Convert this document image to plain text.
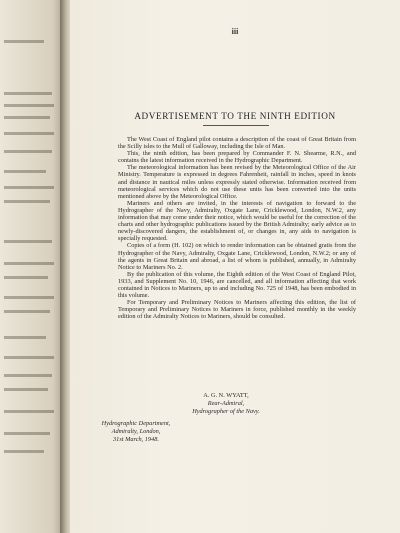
iii
ADVERTISEMENT TO THE NINTH EDITION

The West Coast of England pilot contains a description of the coast of Great Britain from the Scilly isles to the Mull of Galloway, including the Isle of Man.

This, the ninth edition, has been prepared by Commander F. N. Shearme, R.N., and contains the latest information received in the Hydrographic Department.

The meteorological information has been revised by the Meteorological Office of the Air Ministry. Temperature is expressed in degrees Fahrenheit, rainfall in inches, speed in knots and distance in nautical miles unless expressly stated otherwise. Information received from meteorological services which do not use these units has been converted into the units mentioned above by the Meteorological Office.

Mariners and others are invited, in the interests of navigation to forward to the Hydrographer of the Navy, Admiralty, Oxgate Lane, Cricklewood, London, N.W.2, any information that may come under their notice, which would be useful for the correction of the charts and other hydrographic publications issued by the British Admiralty; early advice as to newly-discovered dangers, the establishment of, or changes in, any aids to navigation is specially requested.

Copies of a form (H. 102) on which to render information can be obtained gratis from the Hydrographer of the Navy, Admiralty, Oxgate Lane, Cricklewood, London, N.W.2; or any of the agents in Great Britain and abroad, a list of whom is published, annually, in Admiralty Notice to Mariners No. 2.

By the publication of this volume, the Eighth edition of the West Coast of England Pilot, 1933, and Supplement No. 10, 1946, are cancelled, and all information affecting that work contained in Notices to Mariners, up to and including No. 725 of 1948, has been embodied in this volume.

For Temporary and Preliminary Notices to Mariners affecting this edition, the list of Temporary and Preliminary Notices to Mariners in force, published monthly in the weekly edition of the Admiralty Notices to Mariners, should be consulted.

A. G. N. WYATT,
Rear-Admiral,
Hydrographer of the Navy.
Hydrographic Department,
Admiralty, London,
31st March, 1948.
